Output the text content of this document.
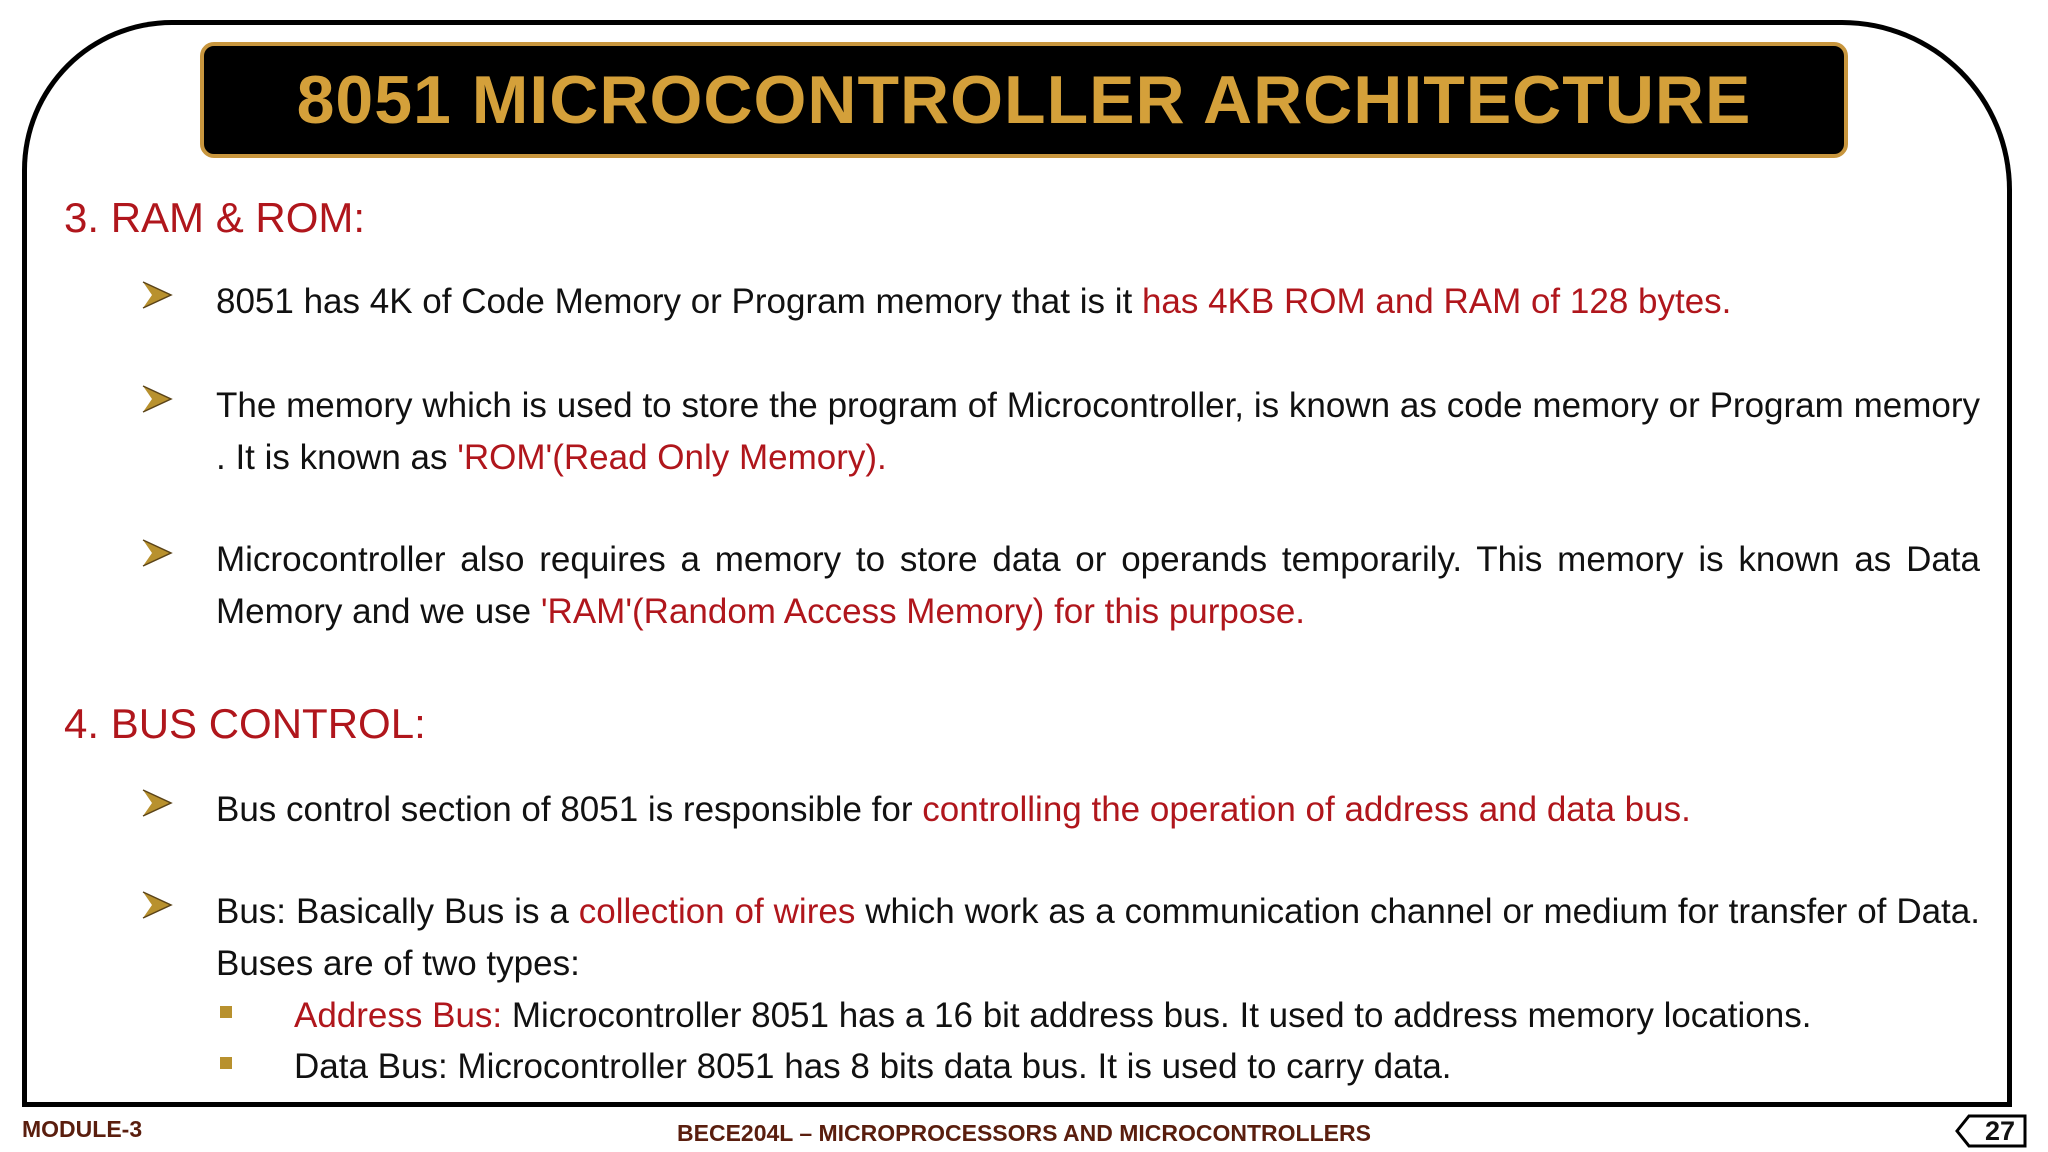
8051 MICROCONTROLLER ARCHITECTURE
3. RAM & ROM:
8051 has 4K of Code Memory or Program memory that is it has 4KB ROM and RAM of 128 bytes.
The memory which is used to store the program of Microcontroller, is known as code memory or Program memory . It is known as 'ROM'(Read Only Memory).
Microcontroller also requires a memory to store data or operands temporarily. This memory is known as Data Memory and we use 'RAM'(Random Access Memory) for this purpose.
4. BUS CONTROL:
Bus control section of 8051 is responsible for controlling the operation of address and data bus.
Bus: Basically Bus is a collection of wires which work as a communication channel or medium for transfer of Data. Buses are of two types:
Address Bus: Microcontroller 8051 has a 16 bit address bus. It used to address memory locations.
Data Bus: Microcontroller 8051 has 8 bits data bus. It is used to carry data.
MODULE-3	BECE204L – MICROPROCESSORS AND MICROCONTROLLERS	27
